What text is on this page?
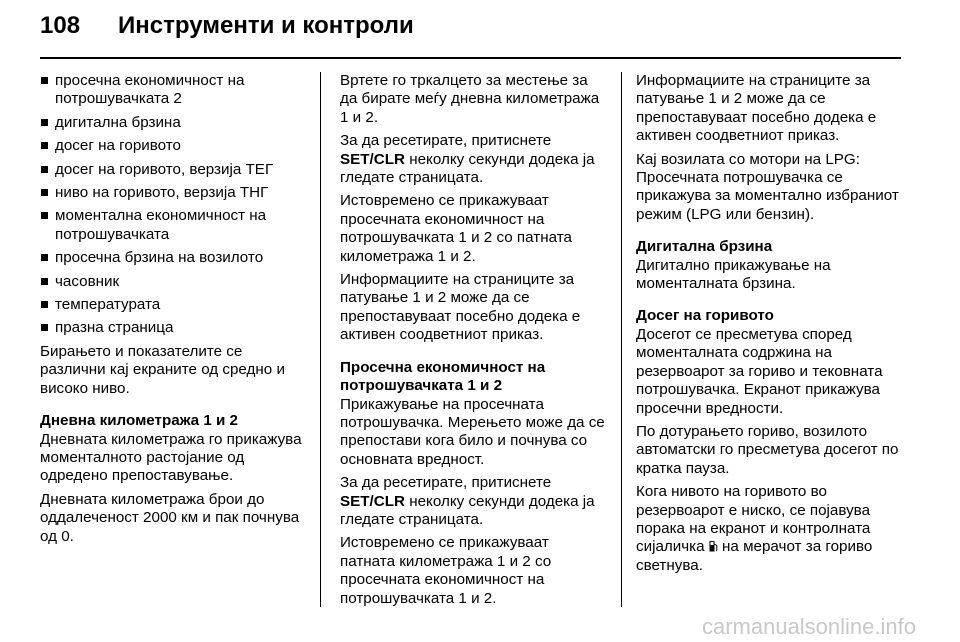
108	Инструменти и контроли
просечна економичност на потрошувачката 2
дигитална брзина
досег на горивото
досег на горивото, верзија ТЕГ
ниво на горивото, верзија ТНГ
моментална економичност на потрошувачката
просечна брзина на возилото
часовник
температурата
празна страница

Бирањето и показателите се различни кај екраните од средно и високо ниво.

Дневна километража 1 и 2

Дневната километража го прикажува моменталното растојание од одредено препоставување.

Дневната километража брои до оддалеченост 2000 км и пак почнува од 0.

Вртете го тркалцето за местење за да бирате меѓу дневна километража 1 и 2.

За да ресетирате, притиснете SET/CLR неколку секунди додека ја гледате страницата.

Истовремено се прикажуваат просечната економичност на потрошувачката 1 и 2 со патната километража 1 и 2.

Информациите на страниците за патување 1 и 2 може да се препоставуваат посебно додека е активен соодветниот приказ.

Просечна економичност на потрошувачката 1 и 2

Прикажување на просечната потрошувачка. Мерењето може да се препостави кога било и почнува со основната вредност.

За да ресетирате, притиснете SET/CLR неколку секунди додека ја гледате страницата.

Истовремено се прикажуваат патната километража 1 и 2 со просечната економичност на потрошувачката 1 и 2.

Информациите на страниците за патување 1 и 2 може да се препоставуваат посебно додека е активен соодветниот приказ.

Кај возилата со мотори на LPG: Просечната потрошувачка се прикажува за моментално избраниот режим (LPG или бензин).

Дигитална брзина

Дигитално прикажување на моменталната брзина.

Досег на горивото

Досегот се пресметува според моменталната содржина на резервоарот за гориво и тековната потрошувачка. Екранот прикажува просечни вредности.

По дотурањето гориво, возилото автоматски го пресметува досегот по кратка пауза.

Кога нивото на горивото во резервоарот е ниско, се појавува порака на екранот и контролната сијаличка
на мерачот за гориво светнува.

carmanualsonline.info
